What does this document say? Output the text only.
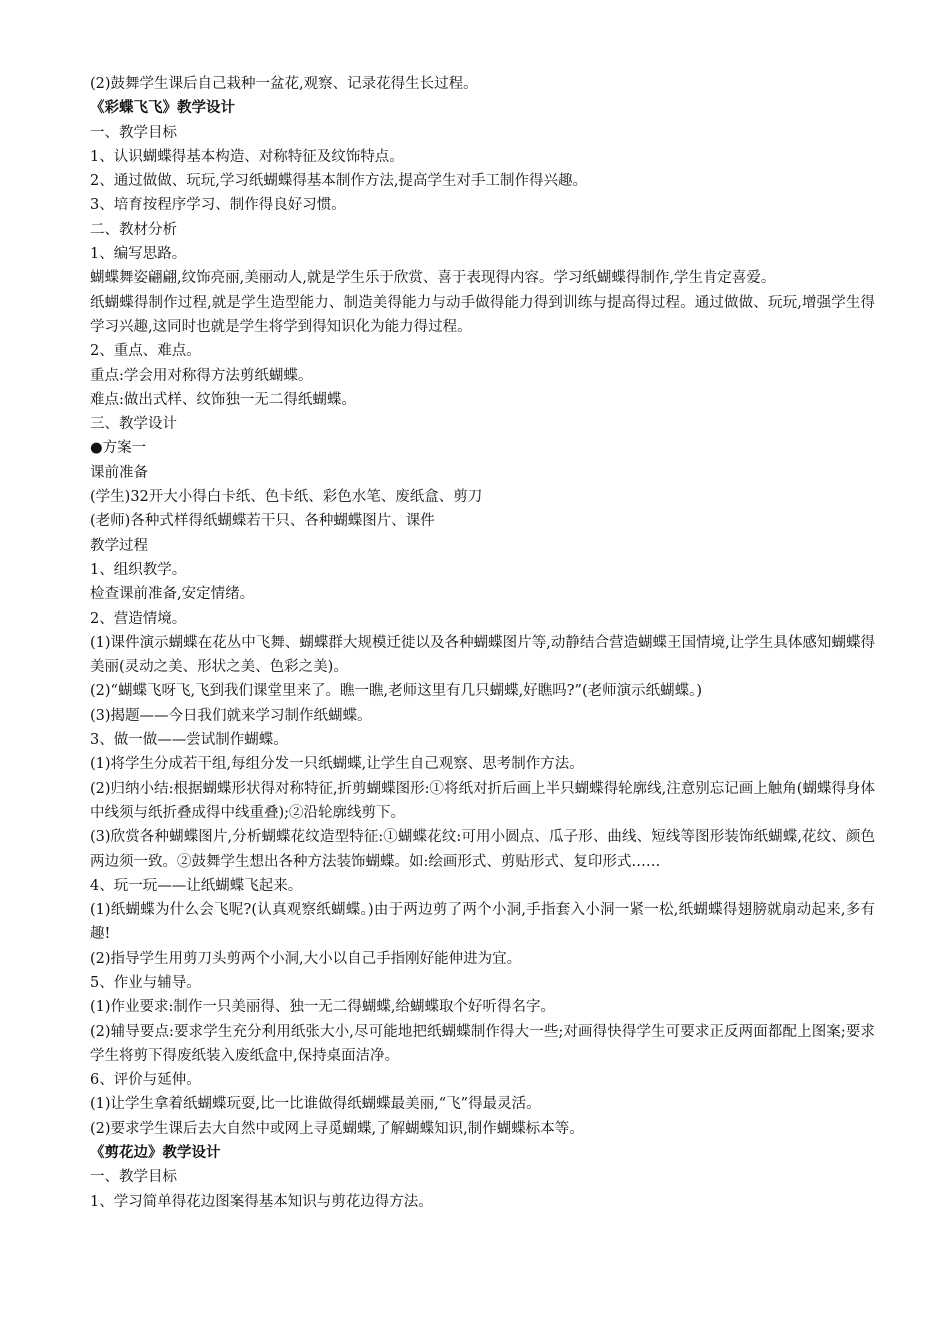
(2)鼓舞学生课后自己栽种一盆花,观察、记录花得生长过程。

《彩蝶飞飞》教学设计

一、教学目标

1、认识蝴蝶得基本构造、对称特征及纹饰特点。

2、通过做做、玩玩,学习纸蝴蝶得基本制作方法,提高学生对手工制作得兴趣。

3、培育按程序学习、制作得良好习惯。

二、教材分析

1、编写思路。

蝴蝶舞姿翩翩,纹饰亮丽,美丽动人,就是学生乐于欣赏、喜于表现得内容。学习纸蝴蝶得制作,学生肯定喜爱。

纸蝴蝶得制作过程,就是学生造型能力、制造美得能力与动手做得能力得到训练与提高得过程。通过做做、玩玩,增强学生得学习兴趣,这同时也就是学生将学到得知识化为能力得过程。

2、重点、难点。

重点:学会用对称得方法剪纸蝴蝶。

难点:做出式样、纹饰独一无二得纸蝴蝶。

三、教学设计

●方案一

课前准备

(学生)32开大小得白卡纸、色卡纸、彩色水笔、废纸盒、剪刀

(老师)各种式样得纸蝴蝶若干只、各种蝴蝶图片、课件

教学过程

1、组织教学。

检查课前准备,安定情绪。

2、营造情境。

(1)课件演示蝴蝶在花丛中飞舞、蝴蝶群大规模迁徙以及各种蝴蝶图片等,动静结合营造蝴蝶王国情境,让学生具体感知蝴蝶得美丽(灵动之美、形状之美、色彩之美)。

(2)“蝴蝶飞呀飞,飞到我们课堂里来了。瞧一瞧,老师这里有几只蝴蝶,好瞧吗?”(老师演示纸蝴蝶。)

(3)揭题——今日我们就来学习制作纸蝴蝶。

3、做一做——尝试制作蝴蝶。

(1)将学生分成若干组,每组分发一只纸蝴蝶,让学生自己观察、思考制作方法。

(2)归纳小结:根据蝴蝶形状得对称特征,折剪蝴蝶图形:①将纸对折后画上半只蝴蝶得轮廓线,注意别忘记画上触角(蝴蝶得身体中线须与纸折叠成得中线重叠);②沿轮廓线剪下。

(3)欣赏各种蝴蝶图片,分析蝴蝶花纹造型特征:①蝴蝶花纹:可用小圆点、瓜子形、曲线、短线等图形装饰纸蝴蝶,花纹、颜色两边须一致。②鼓舞学生想出各种方法装饰蝴蝶。如:绘画形式、剪贴形式、复印形式……

4、玩一玩——让纸蝴蝶飞起来。

(1)纸蝴蝶为什么会飞呢?(认真观察纸蝴蝶。)由于两边剪了两个小洞,手指套入小洞一紧一松,纸蝴蝶得翅膀就扇动起来,多有趣!

(2)指导学生用剪刀头剪两个小洞,大小以自己手指刚好能伸进为宜。

5、作业与辅导。

(1)作业要求:制作一只美丽得、独一无二得蝴蝶,给蝴蝶取个好听得名字。

(2)辅导要点:要求学生充分利用纸张大小,尽可能地把纸蝴蝶制作得大一些;对画得快得学生可要求正反两面都配上图案;要求学生将剪下得废纸装入废纸盒中,保持桌面洁净。

6、评价与延伸。

(1)让学生拿着纸蝴蝶玩耍,比一比谁做得纸蝴蝶最美丽,“飞”得最灵活。

(2)要求学生课后去大自然中或网上寻觅蝴蝶,了解蝴蝶知识,制作蝴蝶标本等。

《剪花边》教学设计

一、教学目标

1、学习简单得花边图案得基本知识与剪花边得方法。
